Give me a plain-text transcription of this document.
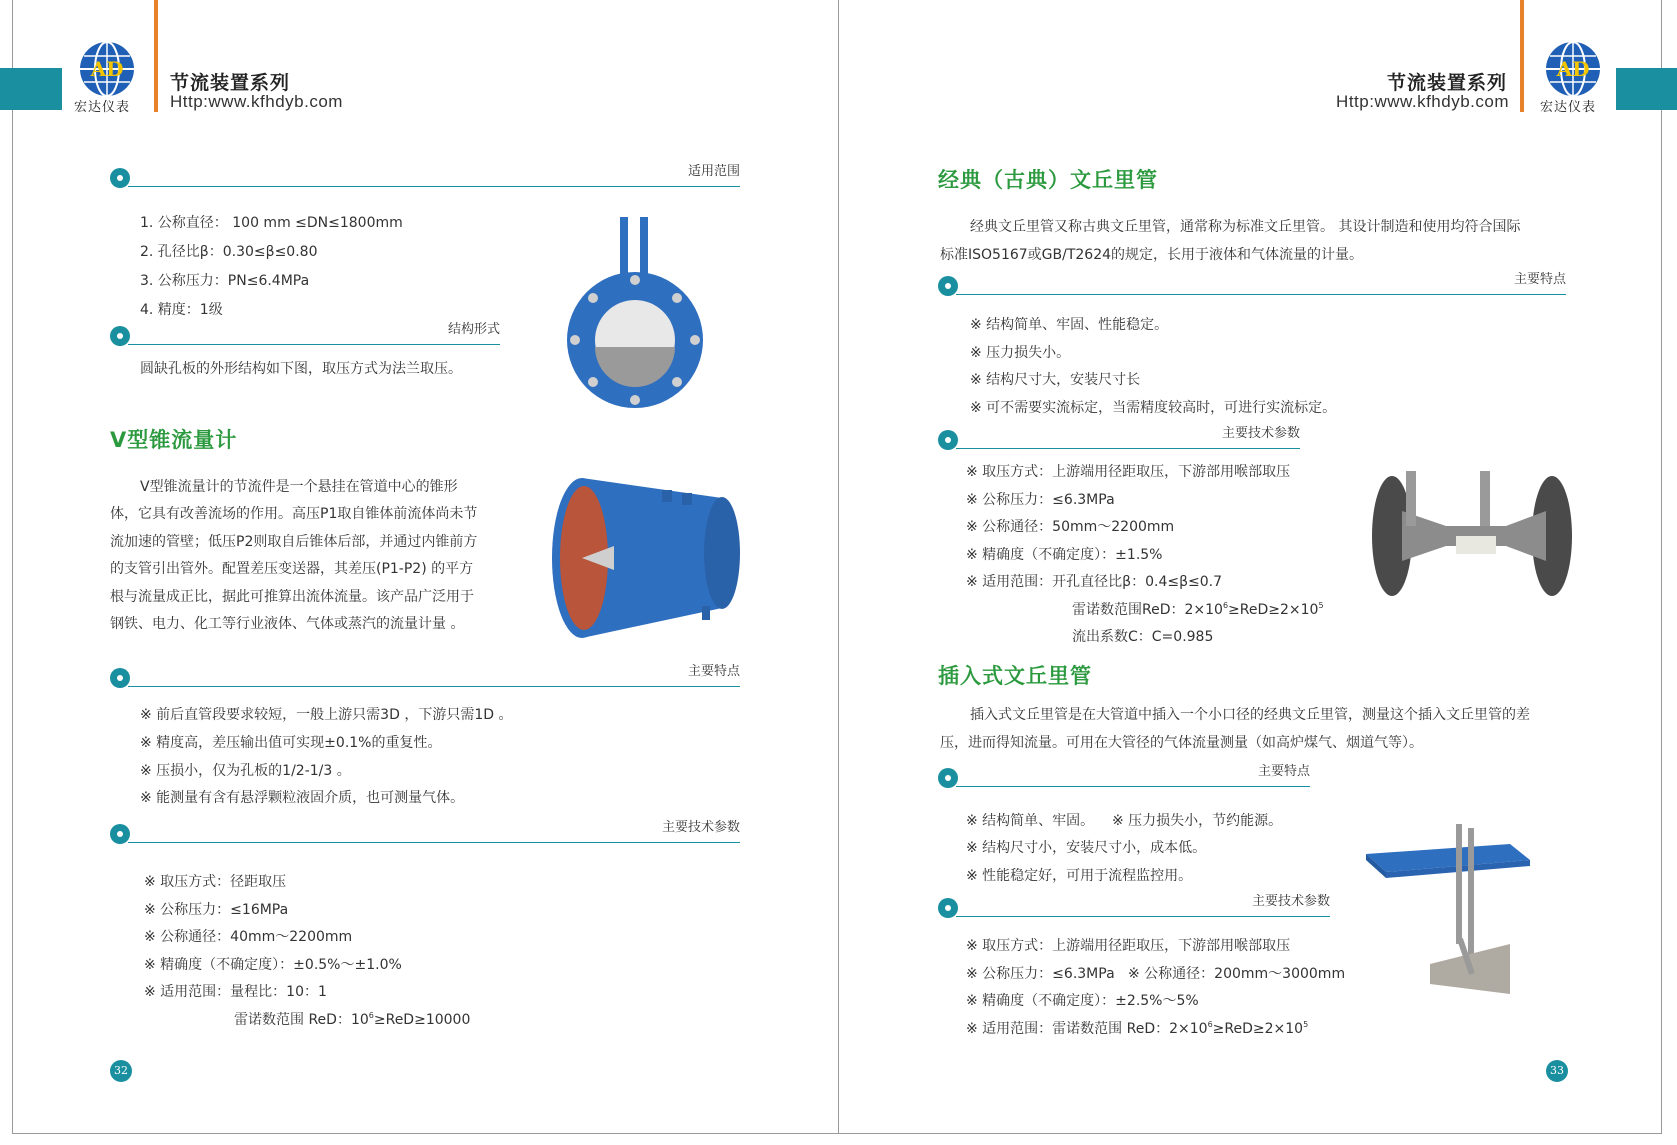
AD
宏达仪表
节流装置系列
Http:www.kfhdyb.com
AD
宏达仪表
节流装置系列
Http:www.kfhdyb.com
适用范围
1. 公称直径： 100 mm ≤DN≤1800mm
2. 孔径比β：0.30≤β≤0.80
3. 公称压力：PN≤6.4MPa
4. 精度：1级
结构形式
圆缺孔板的外形结构如下图，取压方式为法兰取压。
V型锥流量计
V型锥流量计的节流件是一个悬挂在管道中心的锥形
体，它具有改善流场的作用。高压P1取自锥体前流体尚未节
流加速的管壁；低压P2则取自后锥体后部，并通过内锥前方
的支管引出管外。配置差压变送器，其差压(P1-P2) 的平方
根与流量成正比，据此可推算出流体流量。该产品广泛用于
钢铁、电力、化工等行业液体、气体或蒸汽的流量计量 。
主要特点
※ 前后直管段要求较短，一般上游只需3D ，下游只需1D 。
※ 精度高，差压输出值可实现±0.1%的重复性。
※ 压损小，仅为孔板的1/2-1/3 。
※ 能测量有含有悬浮颗粒液固介质，也可测量气体。
主要技术参数
※ 取压方式：径距取压
※ 公称压力：≤16MPa
※ 公称通径：40mm～2200mm
※ 精确度（不确定度）：±0.5%～±1.0%
※ 适用范围：量程比：10：1
雷诺数范围 ReD：$10^6\ge ReD\ge 10000$
32
经典（古典）文丘里管
经典文丘里管又称古典文丘里管，通常称为标准文丘里管。 其设计制造和使用均符合国际
标准ISO5167或GB/T2624的规定，长用于液体和气体流量的计量。
主要特点
※ 结构简单、牢固、性能稳定。
※ 压力损失小。
※ 结构尺寸大，安装尺寸长
※ 可不需要实流标定，当需精度较高时，可进行实流标定。
主要技术参数
※ 取压方式：上游端用径距取压，下游部用喉部取压
※ 公称压力：≤6.3MPa
※ 公称通径：50mm～2200mm
※ 精确度（不确定度）：±1.5%
※ 适用范围：开孔直径比β：0.4≤β≤0.7
雷诺数范围ReD：$2\times 10^6\ge ReD\ge 2\times 10^5$
流出系数C：C=0.985
插入式文丘里管
插入式文丘里管是在大管道中插入一个小口径的经典文丘里管，测量这个插入文丘里管的差
压，进而得知流量。可用在大管径的气体流量测量（如高炉煤气、烟道气等）。
主要特点
※ 结构简单、牢固。    ※ 压力损失小，节约能源。
※ 结构尺寸小，安装尺寸小，成本低。
※ 性能稳定好，可用于流程监控用。
主要技术参数
※ 取压方式：上游端用径距取压，下游部用喉部取压
※ 公称压力：≤6.3MPa   ※ 公称通径：200mm～3000mm
※ 精确度（不确定度）：±2.5%～5%
※ 适用范围：雷诺数范围 ReD：$2\times 10^6\ge ReD\ge 2\times 10^5$
33
